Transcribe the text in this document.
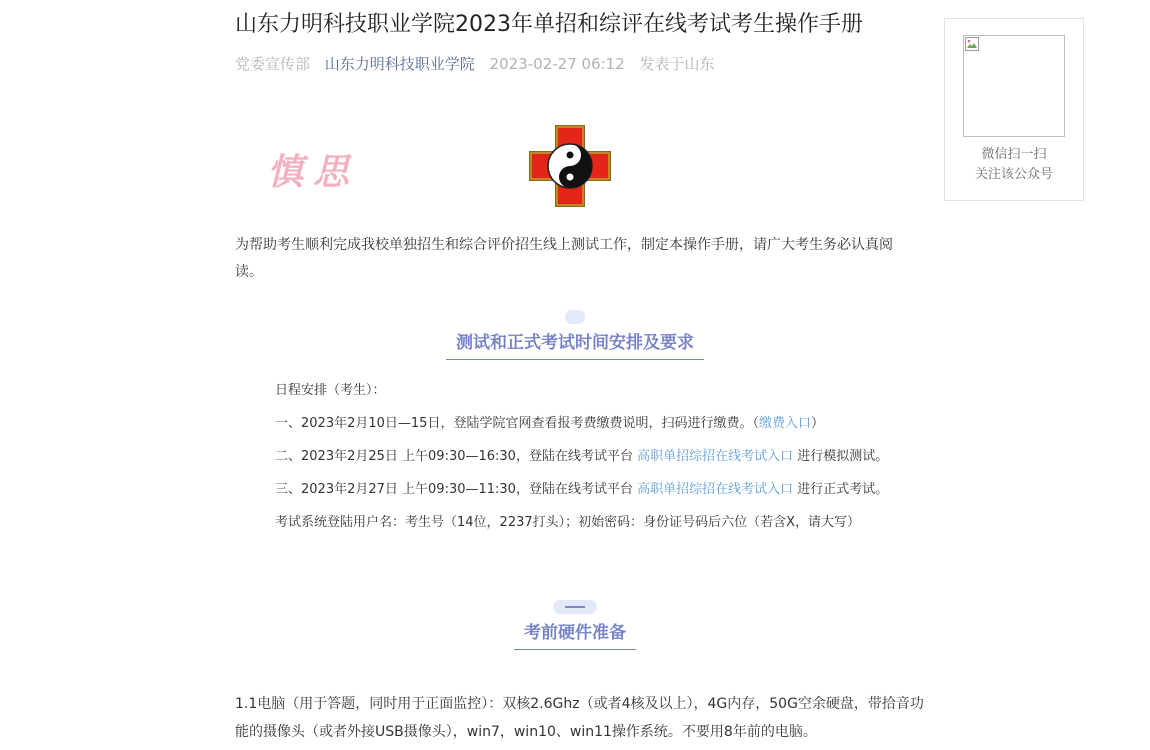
山东力明科技职业学院2023年单招和综评在线考试考生操作手册
党委宣传部 山东力明科技职业学院 2023-02-27 06:12 发表于山东
慎思

为帮助考生顺利完成我校单独招生和综合评价招生线上测试工作，制定本操作手册，请广大考生务必认真阅读。

测试和正式考试时间安排及要求

日程安排（考生）：

一、2023年2月10日—15日，登陆学院官网查看报考费缴费说明，扫码进行缴费。（缴费入口）

二、2023年2月25日 上午09:30—16:30，登陆在线考试平台 高职单招综招在线考试入口 进行模拟测试。

三、2023年2月27日 上午09:30—11:30，登陆在线考试平台 高职单招综招在线考试入口 进行正式考试。

考试系统登陆用户名：考生号（14位，2237打头）；初始密码：身份证号码后六位（若含X，请大写）

考前硬件准备

1.1电脑（用于答题，同时用于正面监控）：双核2.6Ghz（或者4核及以上），4G内存，50G空余硬盘，带拾音功能的摄像头（或者外接USB摄像头），win7，win10、win11操作系统。不要用8年前的电脑。

微信扫一扫
关注该公众号
